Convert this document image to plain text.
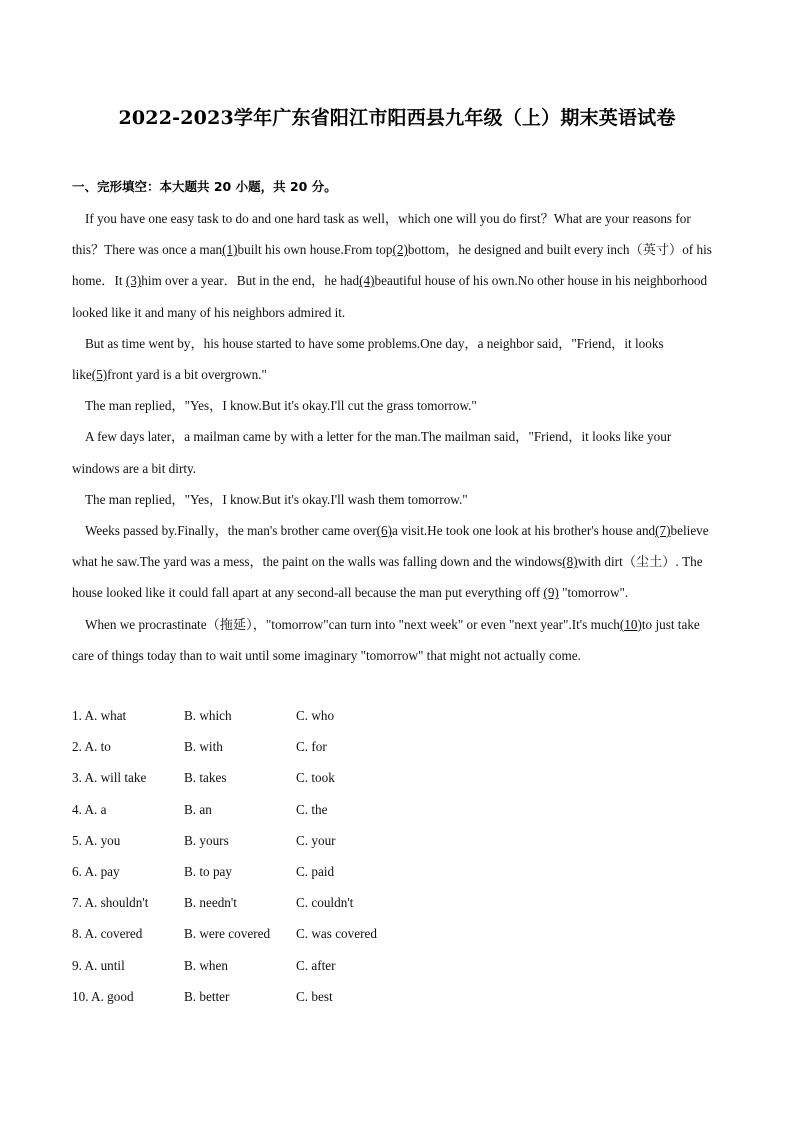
2022-2023学年广东省阳江市阳西县九年级（上）期末英语试卷
一、完形填空：本大题共 20 小题，共 20 分。

If you have one easy task to do and one hard task as well，which one will you do first？What are your reasons for this？There was once a man(1)built his own house.From top(2)bottom，he designed and built every inch（英寸）of his home．It (3)him over a year．But in the end，he had(4)beautiful house of his own.No other house in his neighborhood looked like it and many of his neighbors admired it.

But as time went by，his house started to have some problems.One day，a neighbor said，"Friend，it looks like(5)front yard is a bit overgrown."

The man replied，"Yes，I know.But it's okay.I'll cut the grass tomorrow."

A few days later，a mailman came by with a letter for the man.The mailman said，"Friend，it looks like your windows are a bit dirty.

The man replied，"Yes，I know.But it's okay.I'll wash them tomorrow."

Weeks passed by.Finally，the man's brother came over(6)a visit.He took one look at his brother's house and(7)believe what he saw.The yard was a mess，the paint on the walls was falling down and the windows(8)with dirt（尘土）. The house looked like it could fall apart at any second-all because the man put everything off (9) "tomorrow".

When we procrastinate（拖延），"tomorrow"can turn into "next week" or even "next year".It's much(10)to just take care of things today than to wait until some imaginary "tomorrow" that might not actually come.

1. A. what	B. which	C. who
2. A. to	B. with	C. for
3. A. will take	B. takes	C. took
4. A. a	B. an	C. the
5. A. you	B. yours	C. your
6. A. pay	B. to pay	C. paid
7. A. shouldn't	B. needn't	C. couldn't
8. A. covered	B. were covered C. was covered
9. A. until	B. when	C. after
10. A. good	B. better	C. best
